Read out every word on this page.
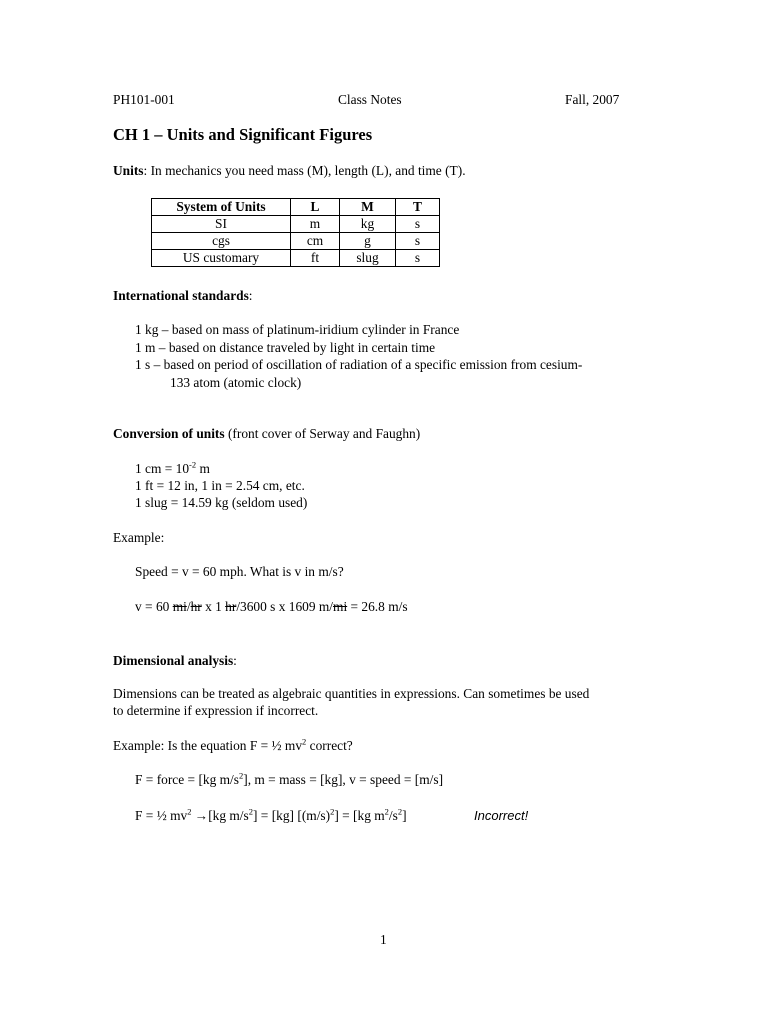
PH101-001	Class Notes	Fall, 2007
CH 1 – Units and Significant Figures
Units: In mechanics you need mass (M), length (L), and time (T).
System of Units	L	M	T
SI	m	kg	s
cgs	cm	g	s
US customary	ft	slug	s
International standards:
1 kg – based on mass of platinum-iridium cylinder in France
1 m – based on distance traveled by light in certain time
1 s – based on period of oscillation of radiation of a specific emission from cesium-
133 atom (atomic clock)
Conversion of units (front cover of Serway and Faughn)
1 cm = $10^{-2}$ m
1 ft = 12 in, 1 in = 2.54 cm, etc.
1 slug = 14.59 kg (seldom used)
Example:
Speed = v = 60 mph. What is v in m/s?
v = 60 mi/hr x 1 hr/3600 s x 1609 m/mi = 26.8 m/s
Dimensional analysis:
Dimensions can be treated as algebraic quantities in expressions. Can sometimes be used
to determine if expression if incorrect.
Example: Is the equation F = ½ $mv^2$ correct?
F = force = [kg $m/s^2$], m = mass = [kg], v = speed = [m/s]
F = ½ $mv^2 \to[kg$ $m/s^2] = [kg]$ $[(m/s)^2] = [kg$ $m^2/s^2$]	Incorrect!
1
